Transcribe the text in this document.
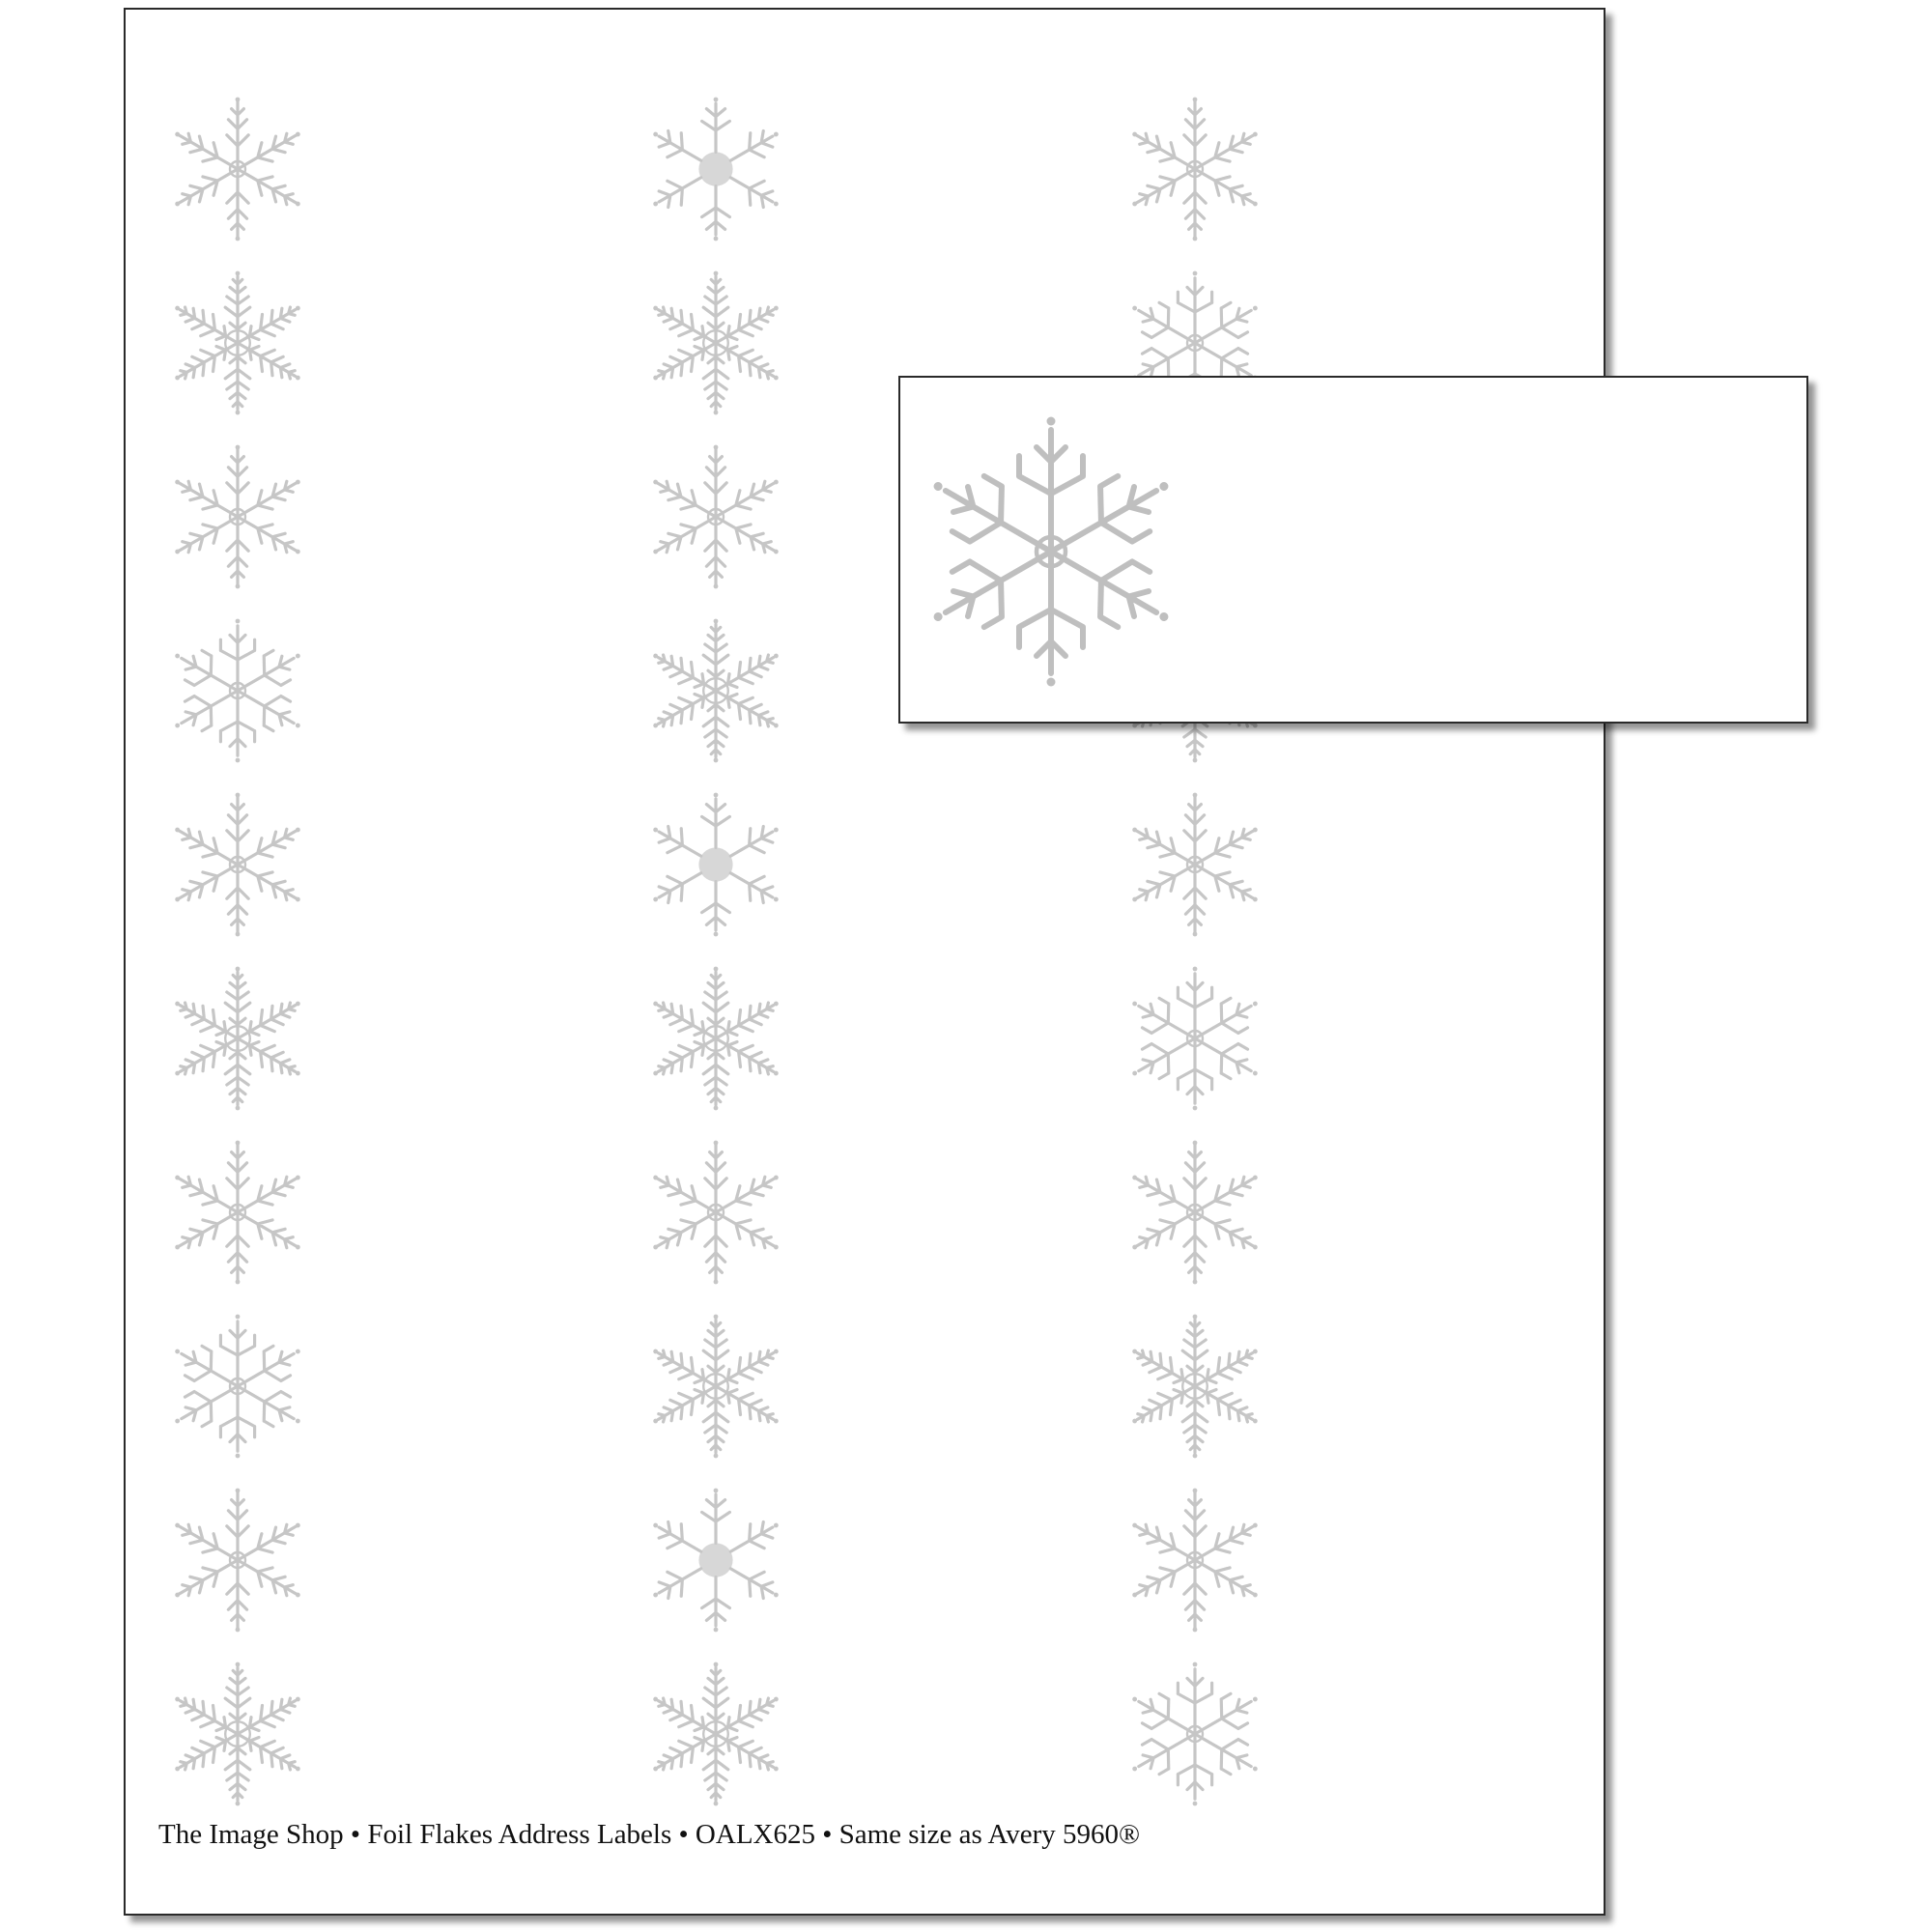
The Image Shop • Foil Flakes Address Labels • OALX625 • Same size as Avery 5960®
